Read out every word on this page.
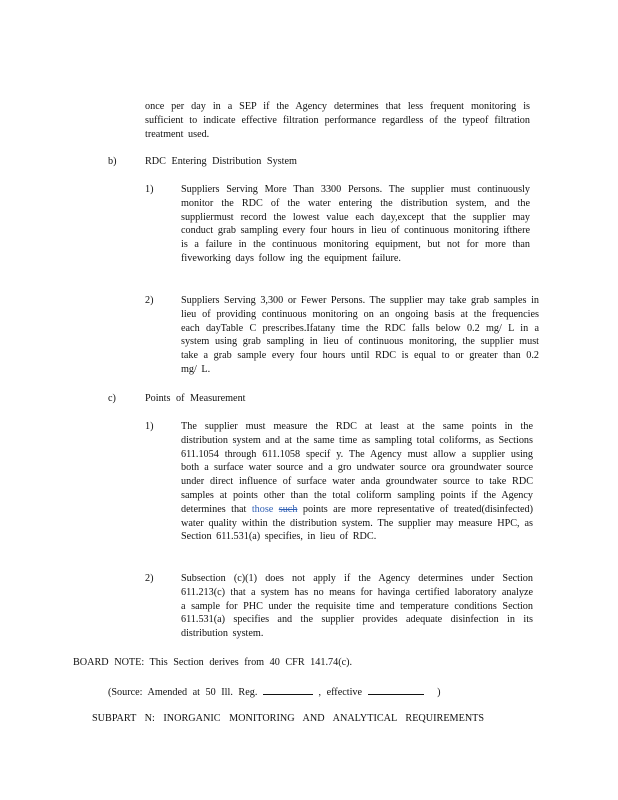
once per day in a SEP if the Agency determines that less frequent monitoring is sufficient to indicate effective filtration performance regardless of the typeof filtration treatment used.

b)	RDC Entering Distribution System
1)	Suppliers Serving More Than 3300 Persons. The supplier must continuously monitor the RDC of the water entering the distribution system, and the suppliermust record the lowest value each day,except that the supplier may conduct grab sampling every four hours in lieu of continuous monitoring ifthere is a failure in the continuous monitoring equipment, but not for more than fiveworking days follow ing the equipment failure.

2)	Suppliers Serving 3,300 or Fewer Persons. The supplier may take grab samples in lieu of providing continuous monitoring on an ongoing basis at the frequencies each dayTable C prescribes.Ifatany time the RDC falls below 0.2 mg/ L in a system using grab sampling in lieu of continuous monitoring, the supplier must take a grab sample every four hours until RDC is equal to or greater than 0.2 mg/ L.

c)	Points of Measurement
1)	The supplier must measure the RDC at least at the same points in the distribution system and at the same time as sampling total coliforms, as Sections 611.1054 through 611.1058 specif y. The Agency must allow a supplier using both a surface water source and a gro undwater source ora groundwater source under direct influence of surface water anda groundwater source to take RDC samples at points other than the total coliform sampling points if the Agency determines that those such points are more representative of treated(disinfected) water quality within the distribution system. The supplier may measure HPC, as Section 611.531(a) specifies, in lieu of RDC.

2)	Subsection (c)(1) does not apply if the Agency determines under Section 611.213(c) that a system has no means for havinga certified laboratory analyze a sample for PHC under the requisite time and temperature conditions Section 611.531(a) specifies and the supplier provides adequate disinfection in its distribution system.

BOARD NOTE: This Section derives from 40 CFR 141.74(c).
(Source: Amended at 50 Ill. Reg.	, effective	)
SUBPART N: INORGANIC MONITORING AND ANALYTICAL REQUIREMENTS
